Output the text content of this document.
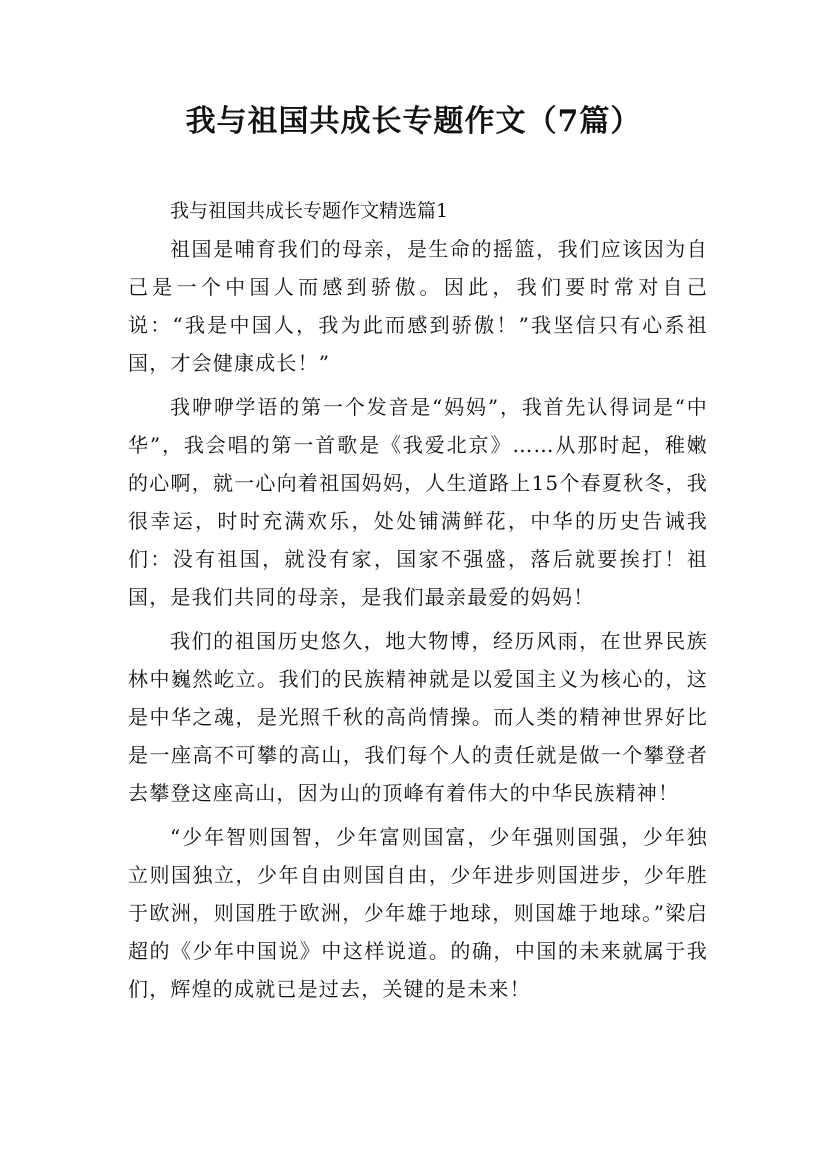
我与祖国共成长专题作文（7篇）

我与祖国共成长专题作文精选篇1

祖国是哺育我们的母亲，是生命的摇篮，我们应该因为自己是一个中国人而感到骄傲。因此，我们要时常对自己说：“我是中国人，我为此而感到骄傲！”我坚信只有心系祖国，才会健康成长！”

我咿咿学语的第一个发音是“妈妈”，我首先认得词是“中华”，我会唱的第一首歌是《我爱北京》……从那时起，稚嫩的心啊，就一心向着祖国妈妈，人生道路上15个春夏秋冬，我很幸运，时时充满欢乐，处处铺满鲜花，中华的历史告诫我们：没有祖国，就没有家，国家不强盛，落后就要挨打！祖国，是我们共同的母亲，是我们最亲最爱的妈妈！

我们的祖国历史悠久，地大物博，经历风雨，在世界民族林中巍然屹立。我们的民族精神就是以爱国主义为核心的，这是中华之魂，是光照千秋的高尚情操。而人类的精神世界好比是一座高不可攀的高山，我们每个人的责任就是做一个攀登者去攀登这座高山，因为山的顶峰有着伟大的中华民族精神！

“少年智则国智，少年富则国富，少年强则国强，少年独立则国独立，少年自由则国自由，少年进步则国进步，少年胜于欧洲，则国胜于欧洲，少年雄于地球，则国雄于地球。”梁启超的《少年中国说》中这样说道。的确，中国的未来就属于我们，辉煌的成就已是过去，关键的是未来！
